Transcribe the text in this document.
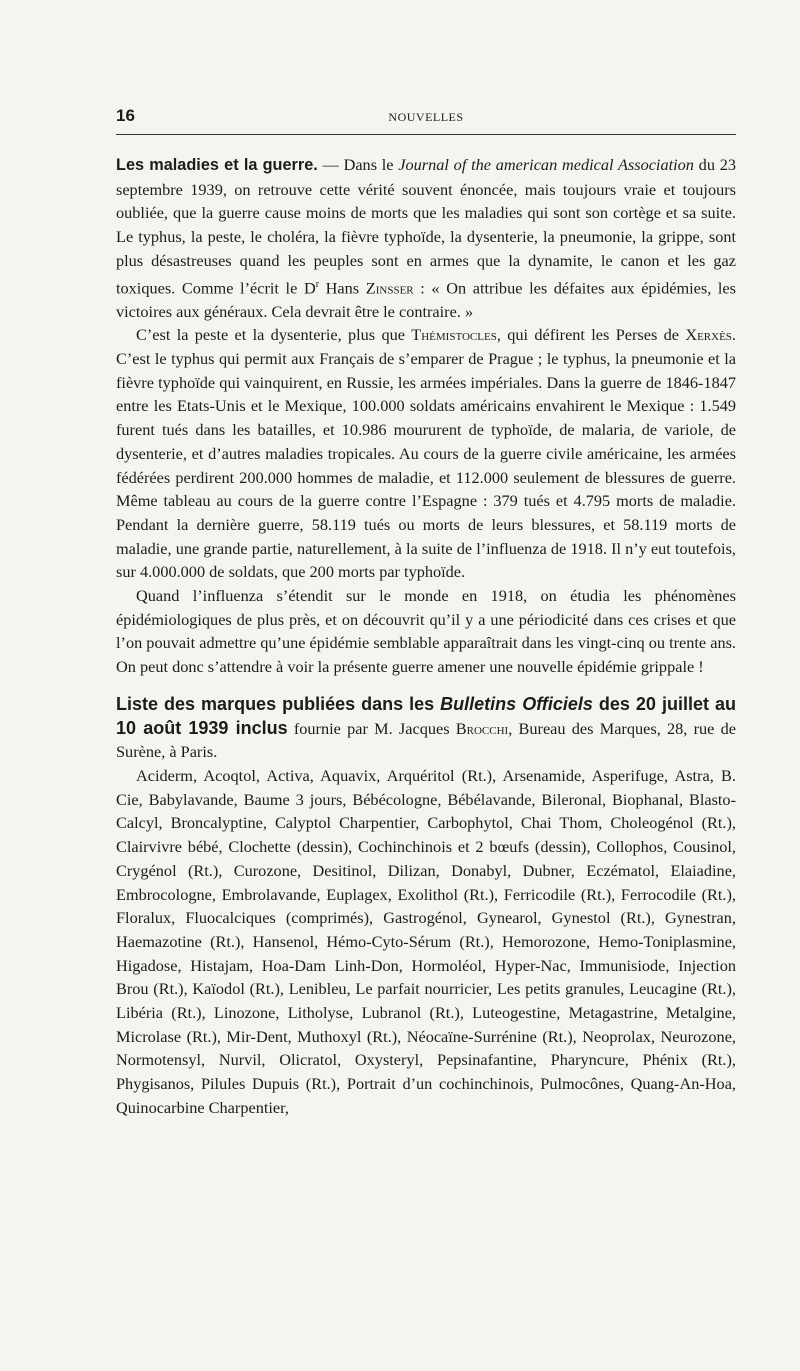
16	NOUVELLES

Les maladies et la guerre. — Dans le Journal of the american medical Association du 23 septembre 1939, on retrouve cette vérité souvent énoncée, mais toujours vraie et toujours oubliée, que la guerre cause moins de morts que les maladies qui sont son cortège et sa suite. Le typhus, la peste, le choléra, la fièvre typhoïde, la dysenterie, la pneumonie, la grippe, sont plus désastreuses quand les peuples sont en armes que la dynamite, le canon et les gaz toxiques. Comme l’écrit le $D^r$ Hans Zinsser : « On attribue les défaites aux épidémies, les victoires aux généraux. Cela devrait être le contraire. »

C’est la peste et la dysenterie, plus que Thémistocles, qui défirent les Perses de Xerxès. C’est le typhus qui permit aux Français de s’emparer de Prague ; le typhus, la pneumonie et la fièvre typhoïde qui vainquirent, en Russie, les armées impériales. Dans la guerre de 1846-1847 entre les Etats-Unis et le Mexique, 100.000 soldats américains envahirent le Mexique : 1.549 furent tués dans les batailles, et 10.986 moururent de typhoïde, de malaria, de variole, de dysenterie, et d’autres maladies tropicales. Au cours de la guerre civile américaine, les armées fédérées perdirent 200.000 hommes de maladie, et 112.000 seulement de blessures de guerre. Même tableau au cours de la guerre contre l’Espagne : 379 tués et 4.795 morts de maladie. Pendant la dernière guerre, 58.119 tués ou morts de leurs blessures, et 58.119 morts de maladie, une grande partie, naturellement, à la suite de l’influenza de 1918. Il n’y eut toutefois, sur 4.000.000 de soldats, que 200 morts par typhoïde.

Quand l’influenza s’étendit sur le monde en 1918, on étudia les phénomènes épidémiologiques de plus près, et on découvrit qu’il y a une périodicité dans ces crises et que l’on pouvait admettre qu’une épidémie semblable apparaîtrait dans les vingt-cinq ou trente ans. On peut donc s’attendre à voir la présente guerre amener une nouvelle épidémie grippale !

Liste des marques publiées dans les Bulletins Officiels des 20 juillet au 10 août 1939 inclus fournie par M. Jacques Brocchi, Bureau des Marques, 28, rue de Surène, à Paris.

Aciderm, Acoqtol, Activa, Aquavix, Arquéritol (Rt.), Arsenamide, Asperifuge, Astra, B. Cie, Babylavande, Baume 3 jours, Bébécologne, Bébélavande, Bileronal, Biophanal, Blasto-Calcyl, Broncalyptine, Calyptol Charpentier, Carbophytol, Chai Thom, Choleogénol (Rt.), Clairvivre bébé, Clochette (dessin), Cochinchinois et 2 bœufs (dessin), Collophos, Cousinol, Crygénol (Rt.), Curozone, Desitinol, Dilizan, Donabyl, Dubner, Eczématol, Elaiadine, Embrocologne, Embrolavande, Euplagex, Exolithol (Rt.), Ferricodile (Rt.), Ferrocodile (Rt.), Floralux, Fluocalciques (comprimés), Gastrogénol, Gynearol, Gynestol (Rt.), Gynestran, Haemazotine (Rt.), Hansenol, Hémo-Cyto-Sérum (Rt.), Hemorozone, Hemo-Toniplasmine, Higadose, Histajam, Hoa-Dam Linh-Don, Hormoléol, Hyper-Nac, Immunisiode, Injection Brou (Rt.), Kaïodol (Rt.), Lenibleu, Le parfait nourricier, Les petits granules, Leucagine (Rt.), Libéria (Rt.), Linozone, Litholyse, Lubranol (Rt.), Luteogestine, Metagastrine, Metalgine, Microlase (Rt.), Mir-Dent, Muthoxyl (Rt.), Néocaïne-Surrénine (Rt.), Neoprolax, Neurozone, Normotensyl, Nurvil, Olicratol, Oxysteryl, Pepsinafantine, Pharyncure, Phénix (Rt.), Phygisanos, Pilules Dupuis (Rt.), Portrait d’un cochinchinois, Pulmocônes, Quang-An-Hoa, Quinocarbine Charpentier,
